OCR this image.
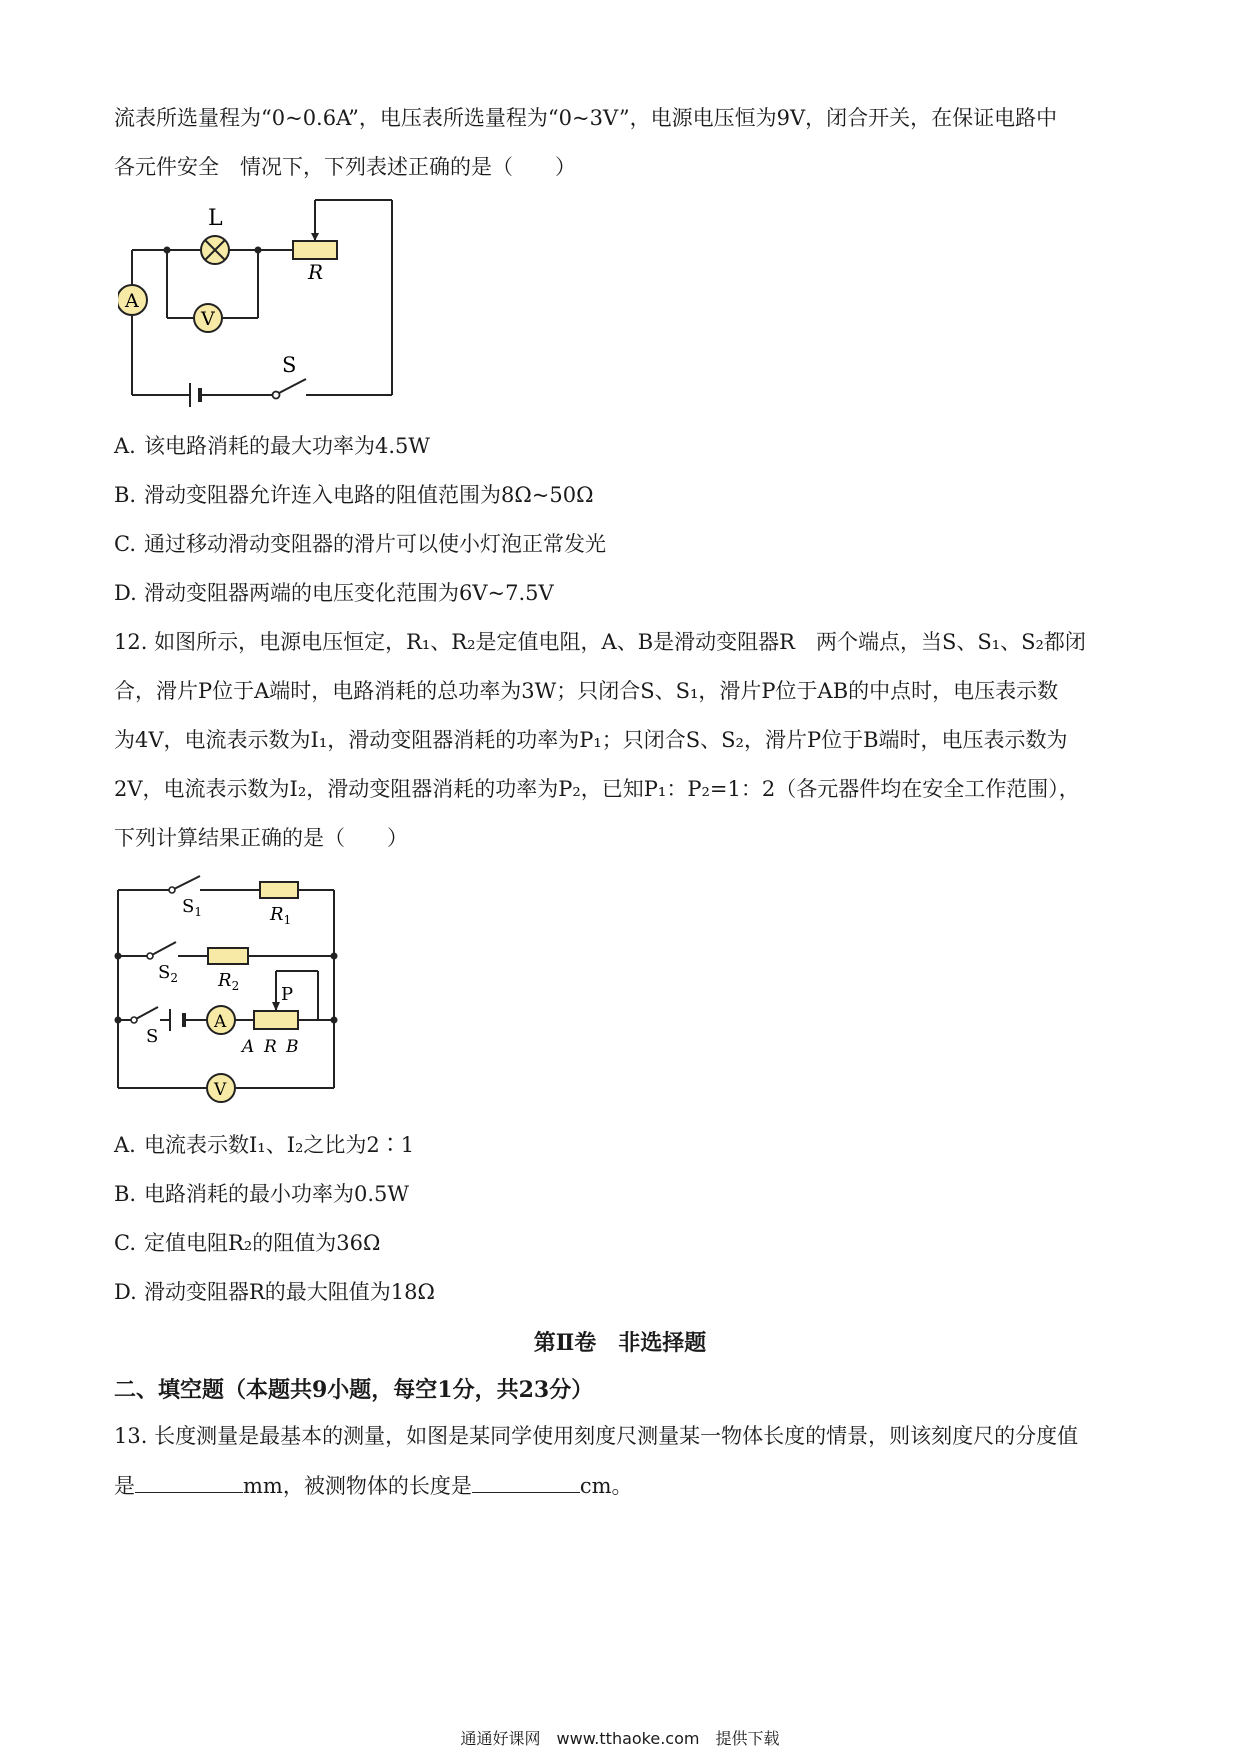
流表所选量程为“0~0.6A”，电压表所选量程为“0~3V”，电源电压恒为9V，闭合开关，在保证电路中
各元件安全　情况下，下列表述正确的是（　　）
L
R
A
V
S
A. 该电路消耗的最大功率为4.5W
B. 滑动变阻器允许连入电路的阻值范围为8Ω~50Ω
C. 通过移动滑动变阻器的滑片可以使小灯泡正常发光
D. 滑动变阻器两端的电压变化范围为6V~7.5V
12. 如图所示，电源电压恒定，R₁、R₂是定值电阻，A、B是滑动变阻器R　两个端点，当S、S₁、S₂都闭
合，滑片P位于A端时，电路消耗的总功率为3W；只闭合S、S₁，滑片P位于AB的中点时，电压表示数
为4V，电流表示数为I₁，滑动变阻器消耗的功率为P₁；只闭合S、S₂，滑片P位于B端时，电压表示数为
2V，电流表示数为I₂，滑动变阻器消耗的功率为P₂，已知P₁：P₂=1：2（各元器件均在安全工作范围），
下列计算结果正确的是（　　）
$S_1$	$R_1$
$S_2$ $R_2$
S
A
P
A R B
V
A. 电流表示数I₁、I₂之比为2∶1
B. 电路消耗的最小功率为0.5W
C. 定值电阻R₂的阻值为36Ω
D. 滑动变阻器R的最大阻值为18Ω
第Ⅱ卷　非选择题
二、填空题（本题共9小题，每空1分，共23分）
13. 长度测量是最基本的测量，如图是某同学使用刻度尺测量某一物体长度的情景，则该刻度尺的分度值
是	mm，被测物体的长度是	cm。
通通好课网　www.tthaoke.com　提供下载
